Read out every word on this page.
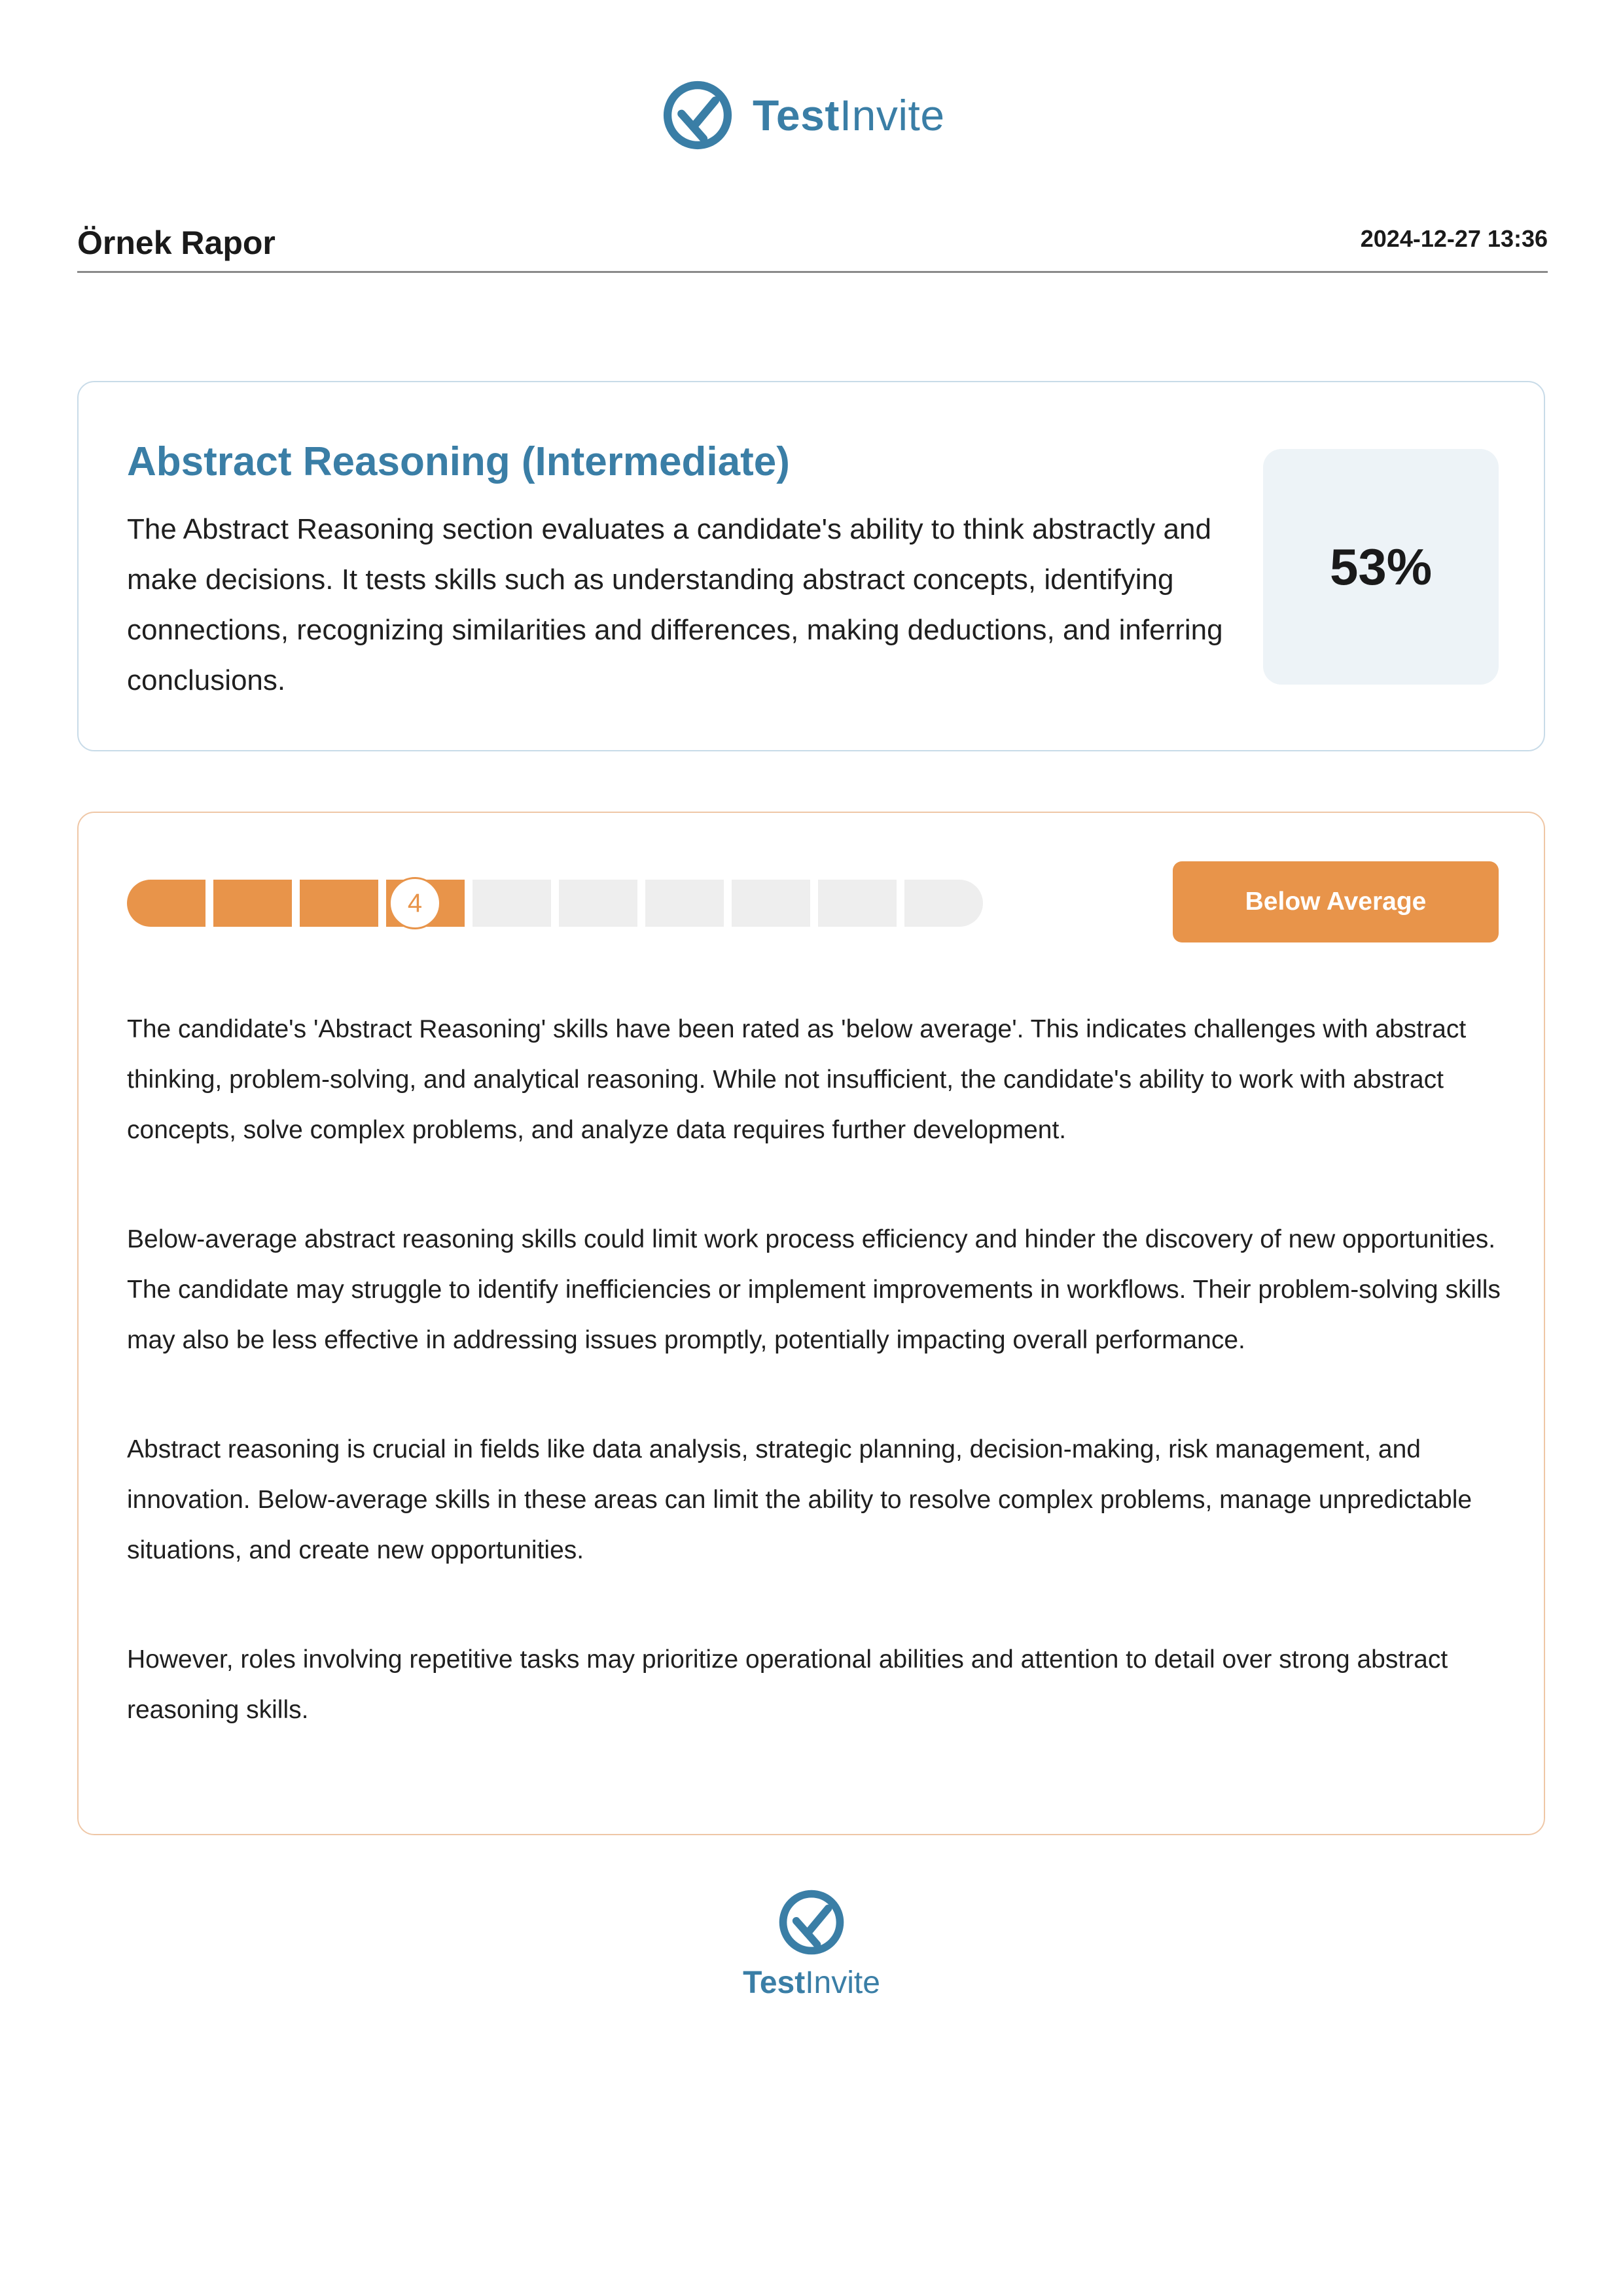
TestInvite
Örnek Rapor	2024-12-27 13:36
Abstract Reasoning (Intermediate)
The Abstract Reasoning section evaluates a candidate's ability to think abstractly and make decisions. It tests skills such as understanding abstract concepts, identifying connections, recognizing similarities and differences, making deductions, and inferring conclusions.
53%
4	Below Average

The candidate's 'Abstract Reasoning' skills have been rated as 'below average'. This indicates challenges with abstract thinking, problem-solving, and analytical reasoning. While not insufficient, the candidate's ability to work with abstract concepts, solve complex problems, and analyze data requires further development.

Below-average abstract reasoning skills could limit work process efficiency and hinder the discovery of new opportunities. The candidate may struggle to identify inefficiencies or implement improvements in workflows. Their problem-solving skills may also be less effective in addressing issues promptly, potentially impacting overall performance.

Abstract reasoning is crucial in fields like data analysis, strategic planning, decision-making, risk management, and innovation. Below-average skills in these areas can limit the ability to resolve complex problems, manage unpredictable situations, and create new opportunities.

However, roles involving repetitive tasks may prioritize operational abilities and attention to detail over strong abstract reasoning skills.

TestInvite
